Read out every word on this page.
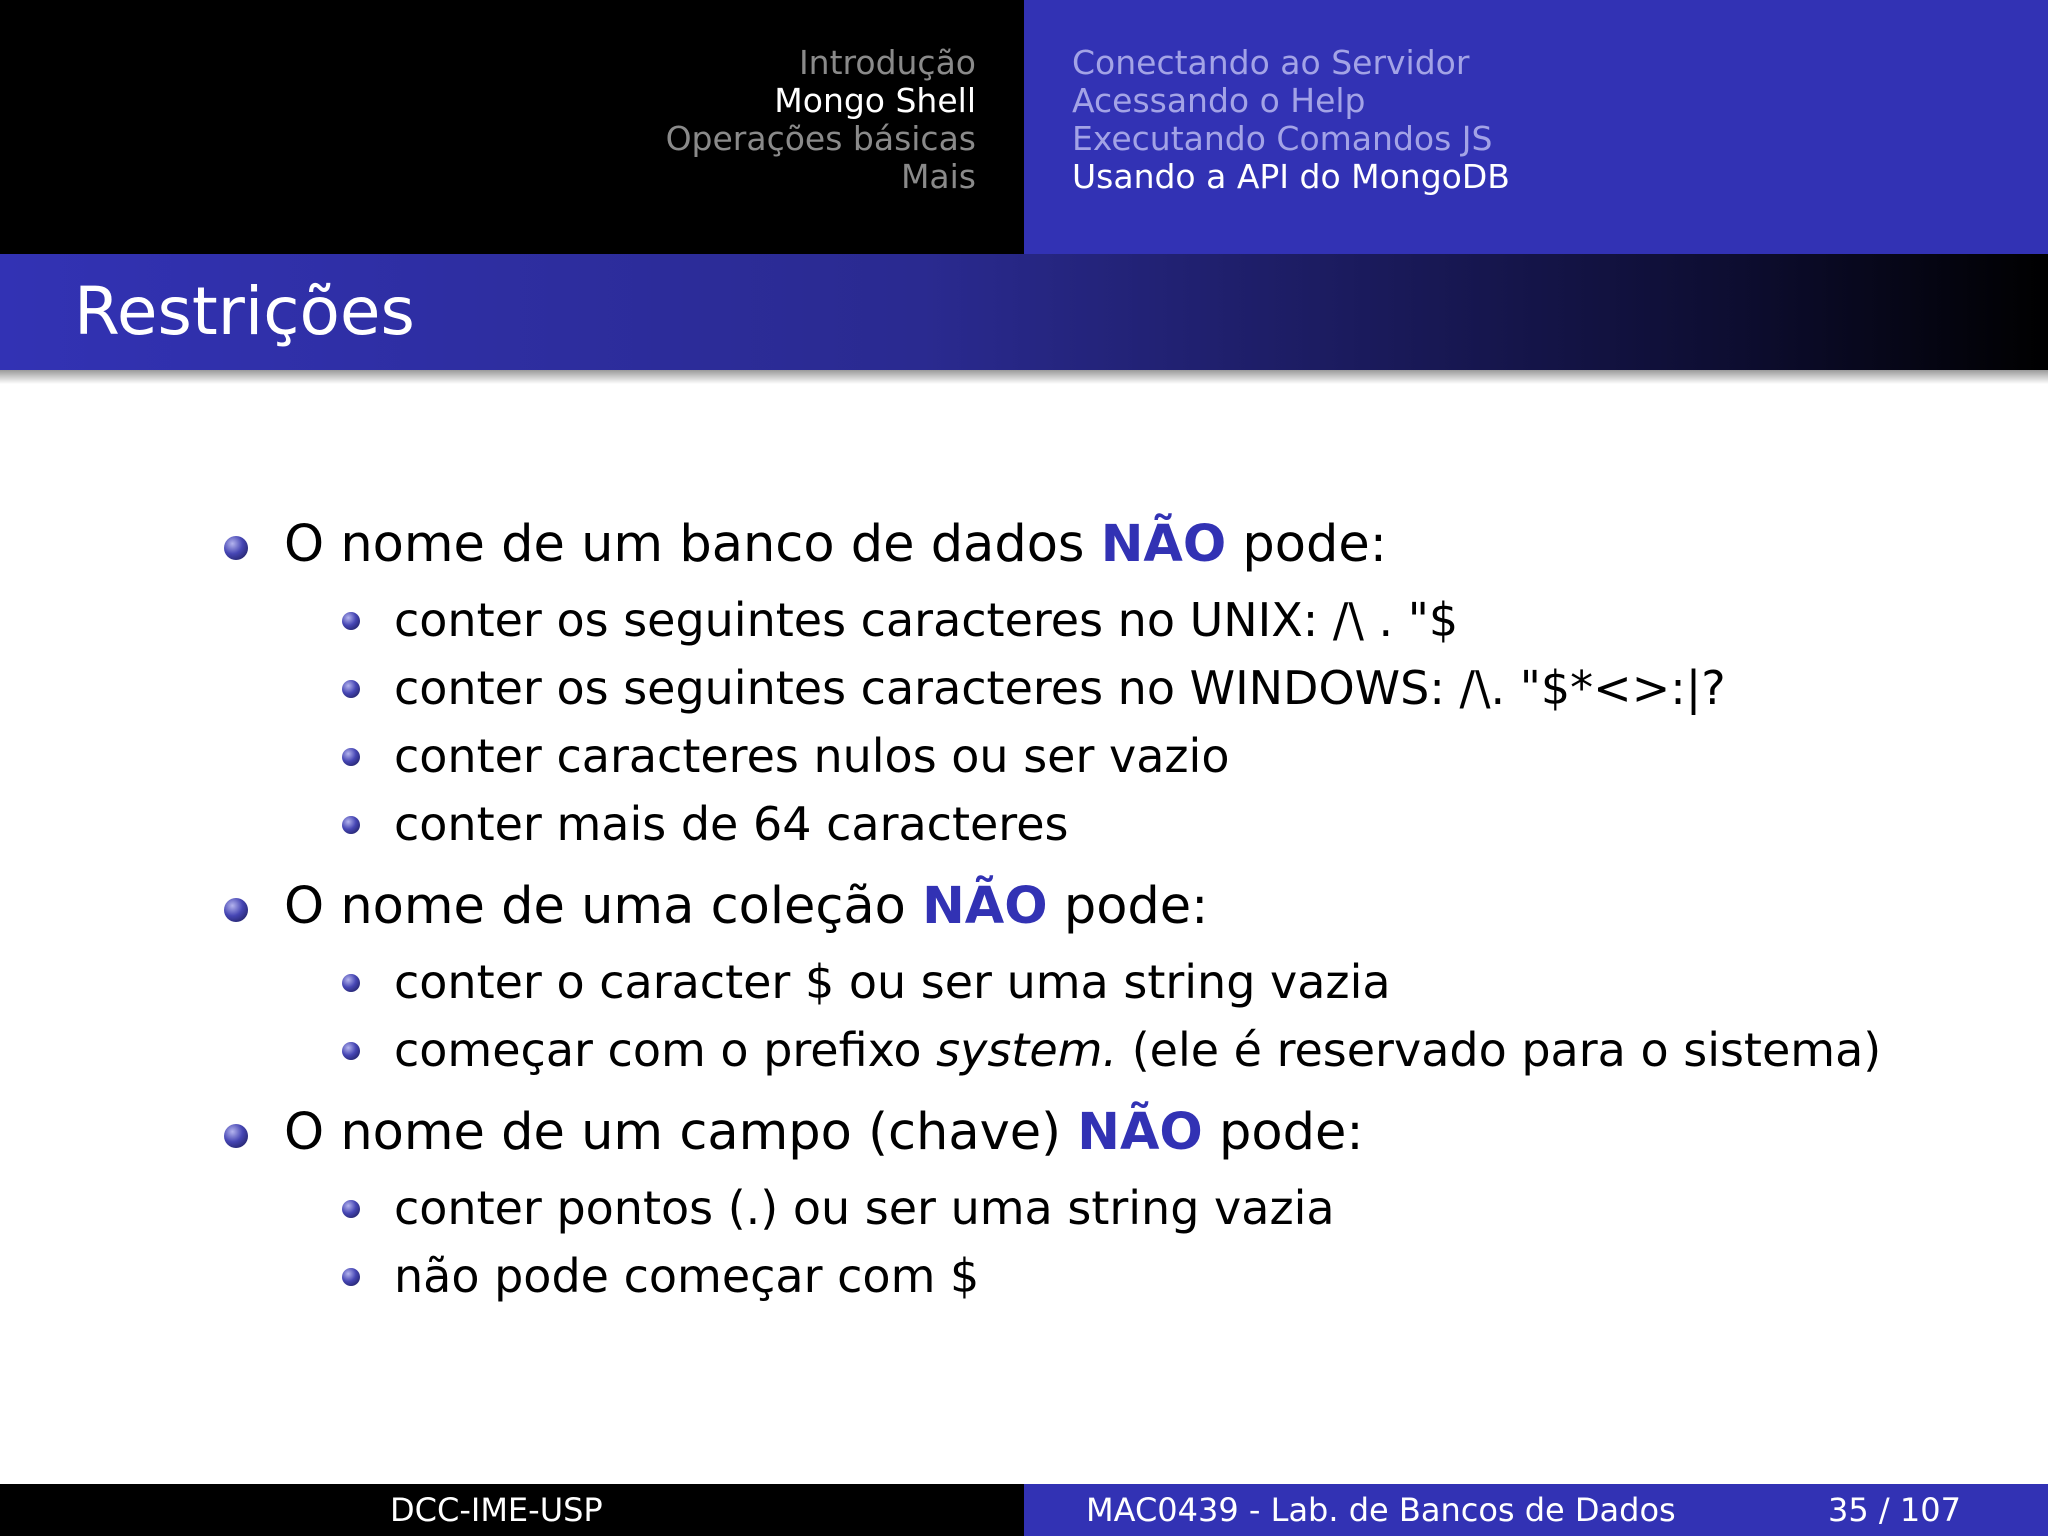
Introdução
Mongo Shell
Operações básicas
Mais
Conectando ao Servidor
Acessando o Help
Executando Comandos JS
Usando a API do MongoDB
Restrições
O nome de um banco de dados NÃO pode:
conter os seguintes caracteres no UNIX: /\ . "$
conter os seguintes caracteres no WINDOWS: /\. "$*<>:|?
conter caracteres nulos ou ser vazio
conter mais de 64 caracteres
O nome de uma coleção NÃO pode:
conter o caracter $ ou ser uma string vazia
começar com o prefixo system. (ele é reservado para o sistema)
O nome de um campo (chave) NÃO pode:
conter pontos (.) ou ser uma string vazia
não pode começar com $
DCC-IME-USP	MAC0439 - Lab. de Bancos de Dados	35 / 107
